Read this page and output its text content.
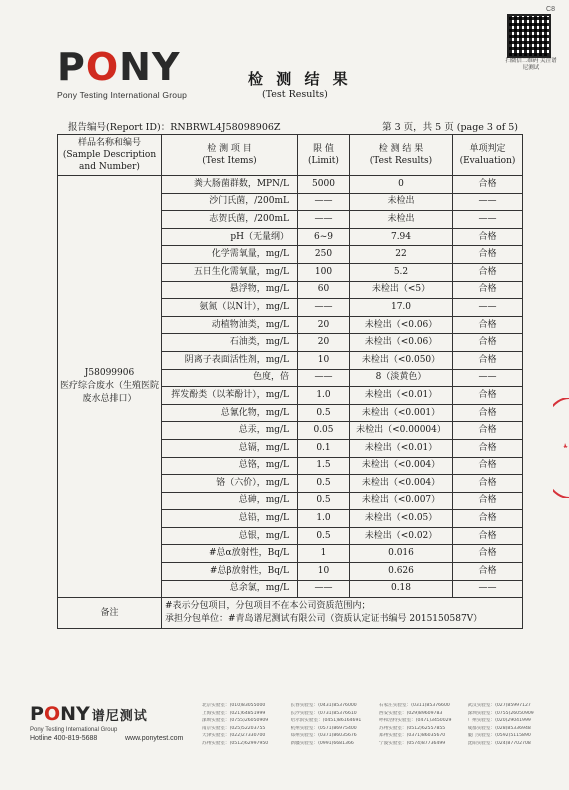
C8
扫微信二维码 关注谱尼测试
PONY
Pony Testing International Group
检 测 结 果
(Test Results)
报告编号(Report ID)：RNBRWL4J58098906Z	第 3 页，共 5 页 (page 3 of 5)
样品名称和编号
(Sample Description and Number)	检 测 项 目
(Test Items)	限 值
(Limit)	检 测 结 果
(Test Results)	单项判定
(Evaluation)

J58099906
医疗综合废水（生殖医院废水总排口）	粪大肠菌群数，MPN/L	5000	0	合格
	沙门氏菌，/200mL	——	未检出	——
	志贺氏菌，/200mL	——	未检出	——
	pH（无量纲）	6~9	7.94	合格
	化学需氧量，mg/L	250	22	合格
	五日生化需氧量，mg/L	100	5.2	合格
	悬浮物，mg/L	60	未检出（<5）	合格
	氨氮（以N计），mg/L	——	17.0	——
	动植物油类，mg/L	20	未检出（<0.06）	合格
	石油类，mg/L	20	未检出（<0.06）	合格
	阴离子表面活性剂，mg/L	10	未检出（<0.050）	合格
	色度，倍	——	8（淡黄色）	——
	挥发酚类（以苯酚计），mg/L	1.0	未检出（<0.01）	合格
	总氰化物，mg/L	0.5	未检出（<0.001）	合格
	总汞，mg/L	0.05	未检出（<0.00004）	合格
	总镉，mg/L	0.1	未检出（<0.01）	合格
	总铬，mg/L	1.5	未检出（<0.004）	合格
	铬（六价），mg/L	0.5	未检出（<0.004）	合格
	总砷，mg/L	0.5	未检出（<0.007）	合格
	总铅，mg/L	1.0	未检出（<0.05）	合格
	总银，mg/L	0.5	未检出（<0.02）	合格
	#总α放射性，Bq/L	1	0.016	合格
	#总β放射性，Bq/L	10	0.626	合格
	总余氯，mg/L	——	0.18	——
备注	#表示分包项目，分包项目不在本公司资质范围内；
承担分包单位：#青岛谱尼测试有限公司（资质认定证书编号 2015150587V）			
PONY 谱尼测试
Pony Testing International Group
Hotline 400-819-5688	www.ponytest.com
北京实验室：(010)83055000	长春实验室：(0431)85376000	石家庄实验室：(0311)85376600	武汉实验室：(027)85997127
上海实验室：(021)64851999	长沙实验室：(0731)85376610	西安实验室：(029)89609783	深圳实验室：(0755)26050909
深圳实验室：(0755)26050909	哈尔滨实验室：(0451)86164691	呼和浩特实验室：(0471)3450029	广州实验室：(020)29041999
南京实验室：(025)52203755	杭州实验室：(0571)86975400	苏州实验室：(0512)62557855	成都实验室：(028)85336948
天津实验室：(022)27330700	郑州实验室：(0371)86035676	郑州实验室：(0371)86035670	厦门实验室：(0592)5115890
苏州实验室：(0512)62997950	新疆实验室：(0991)6681366	宁波实验室：(0574)87736499	沈阳实验室：(024)87702708
